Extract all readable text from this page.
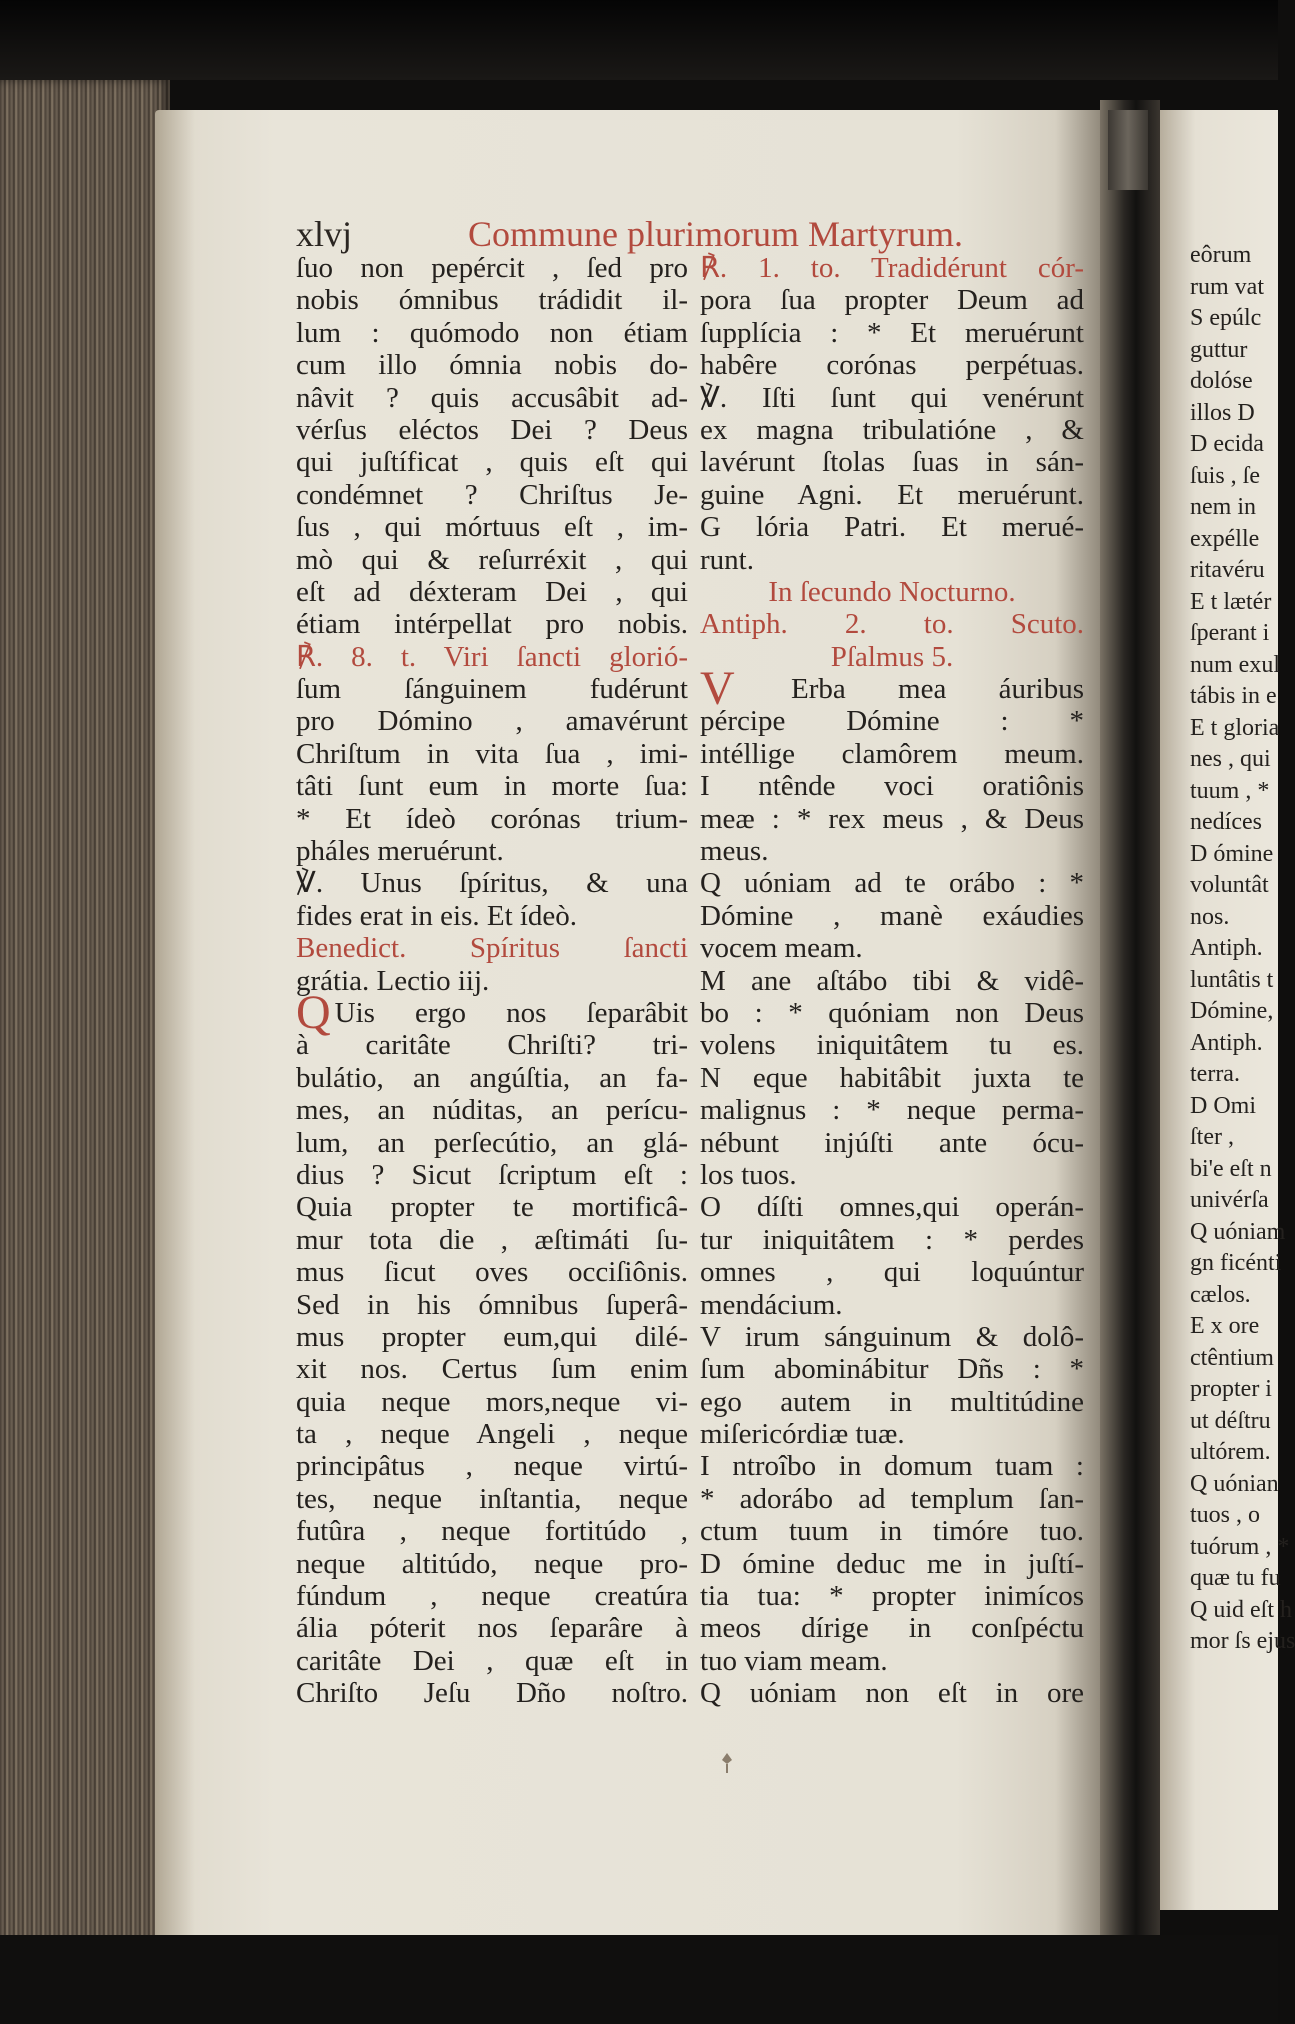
xlvj	Commune plurimorum Martyrum.
ſuo non pepércit , ſed pro
nobis ómnibus trádidit il-
lum : quómodo non étiam
cum illo ómnia nobis do-
nâvit ? quis accusâbit ad-
vérſus eléctos Dei ? Deus
qui juſtíficat , quis eſt qui
condémnet ? Chriſtus Je-
ſus , qui mórtuus eſt , im-
mò qui & reſurréxit , qui
eſt ad déxteram Dei , qui
étiam intérpellat pro nobis.
℟. 8. t. Viri ſancti glorió-
ſum ſánguinem fudérunt
pro Dómino , amavérunt
Chriſtum in vita ſua , imi-
tâti ſunt eum in morte ſua:
* Et ídeò corónas trium-
pháles meruérunt.
℣. Unus ſpíritus, & una
fides erat in eis. Et ídeò.
Benedict. Spíritus ſancti
grátia. Lectio iij.
Q Uis ergo nos ſeparâbit
à caritâte Chriſti? tri-
bulátio, an angúſtia, an fa-
mes, an núditas, an perícu-
lum, an perſecútio, an glá-
dius ? Sicut ſcriptum eſt :
Quia propter te mortificâ-
mur tota die , æſtimáti ſu-
mus ſicut oves occiſiônis.
Sed in his ómnibus ſuperâ-
mus propter eum,qui dilé-
xit nos. Certus ſum enim
quia neque mors,neque vi-
ta , neque Angeli , neque
principâtus , neque virtú-
tes, neque inſtantia, neque
futûra , neque fortitúdo ,
neque altitúdo, neque pro-
fúndum , neque creatúra
ália póterit nos ſeparâre à
caritâte Dei , quæ eſt in
Chriſto Jeſu Dño noſtro.
℟. 1. to. Tradidérunt cór-
pora ſua propter Deum ad
ſupplícia : * Et meruérunt
habêre corónas perpétuas.
℣. Iſti ſunt qui venérunt
ex magna tribulatióne , &
lavérunt ſtolas ſuas in sán-
guine Agni. Et meruérunt.
G lória Patri. Et merué-
runt.
In ſecundo Nocturno.
Antiph. 2. to. Scuto.
Pſalmus 5.
V Erba mea áuribus
pércipe Dómine : *
intéllige clamôrem meum.
I ntênde voci oratiônis
meæ : * rex meus , & Deus
meus.
Q uóniam ad te orábo : *
Dómine , manè exáudies
vocem meam.
M ane aſtábo tibi & vidê-
bo : * quóniam non Deus
volens iniquitâtem tu es.
N eque habitâbit juxta te
malignus : * neque perma-
nébunt injúſti ante ócu-
los tuos.
O díſti omnes,qui operán-
tur iniquitâtem : * perdes
omnes , qui loquúntur
mendácium.
V irum sánguinum & dolô-
ſum abominábitur Dñs : *
ego autem in multitúdine
miſericórdiæ tuæ.
I ntroîbo in domum tuam :
* adorábo ad templum ſan-
ctum tuum in timóre tuo.
D ómine deduc me in juſtí-
tia tua: * propter inimícos
meos dírige in conſpéctu
tuo viam meam.
Q uóniam non eſt in ore
eôrum
rum vat
S epúlc
guttur
dolóse
illos D
D ecida
ſuis , ſe
nem in
expélle
ritavéru
E t lætér
ſperant i
num exul
tábis in e
E t gloria
nes , qui
tuum , *
nedíces
D ómine
voluntât
nos.
Antiph.
luntâtis t
Dómine,
Antiph.
terra.
D Omi
ſter ,
bi'e eſt n
univérſa
Q uóniam
gn ficénti
cælos.
E x ore
ctêntium
propter i
ut déſtru
ultórem.
Q uónian
tuos , o
tuórum , *
quæ tu fu
Q uid eſt h
mor ſs ejus
